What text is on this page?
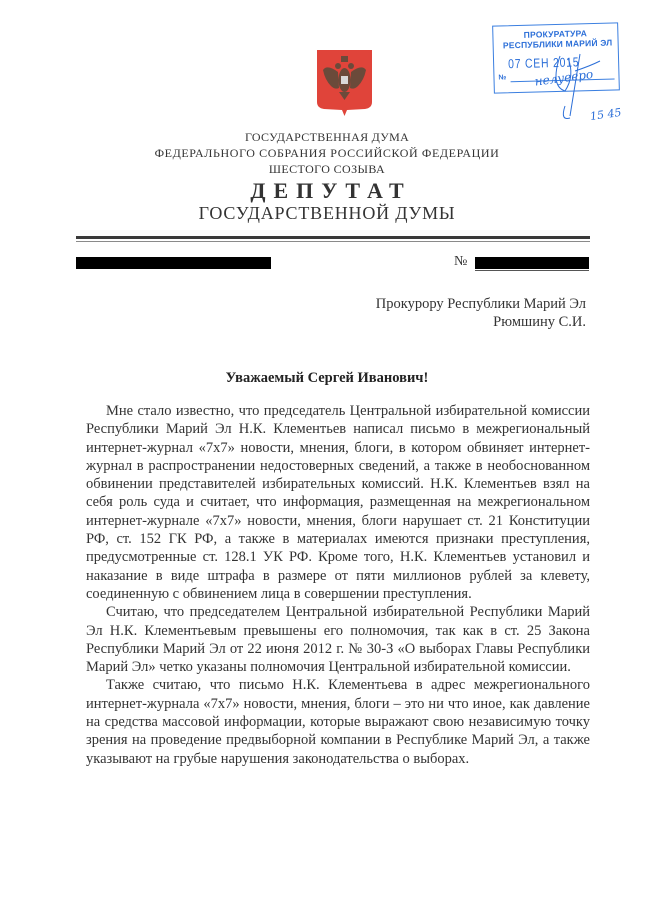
ПРОКУРАТУРА
РЕСПУБЛИКИ МАРИЙ ЭЛ
07 СЕН 2015
№ нелуееро
15 45
ГОСУДАРСТВЕННАЯ ДУМА
ФЕДЕРАЛЬНОГО СОБРАНИЯ РОССИЙСКОЙ ФЕДЕРАЦИИ
ШЕСТОГО СОЗЫВА
ДЕПУТАТ
ГОСУДАРСТВЕННОЙ ДУМЫ
№
Прокурору Республики Марий Эл
Рюмшину С.И.
Уважаемый Сергей Иванович!

Мне стало известно, что председатель Центральной избирательной комиссии Республики Марий Эл Н.К. Клементьев написал письмо в межрегиональный интернет-журнал «7х7» новости, мнения, блоги, в котором обвиняет интернет-журнал в распространении недостоверных сведений, а также в необоснованном обвинении представителей избирательных комиссий. Н.К. Клементьев взял на себя роль суда и считает, что информация, размещенная на межрегиональном интернет-журнале «7х7» новости, мнения, блоги нарушает ст. 21 Конституции РФ, ст. 152 ГК РФ, а также в материалах имеются признаки преступления, предусмотренные ст. 128.1 УК РФ. Кроме того, Н.К. Клементьев установил и наказание в виде штрафа в размере от пяти миллионов рублей за клевету, соединенную с обвинением лица в совершении преступления.

Считаю, что председателем Центральной избирательной Республики Марий Эл Н.К. Клементьевым превышены его полномочия, так как в ст. 25 Закона Республики Марий Эл от 22 июня 2012 г. № 30-З «О выборах Главы Республики Марий Эл» четко указаны полномочия Центральной избирательной комиссии.

Также считаю, что письмо Н.К. Клементьева в адрес межрегионального интернет-журнала «7х7» новости, мнения, блоги – это ни что иное, как давление на средства массовой информации, которые выражают свою независимую точку зрения на проведение предвыборной компании в Республике Марий Эл, а также указывают на грубые нарушения законодательства о выборах.
